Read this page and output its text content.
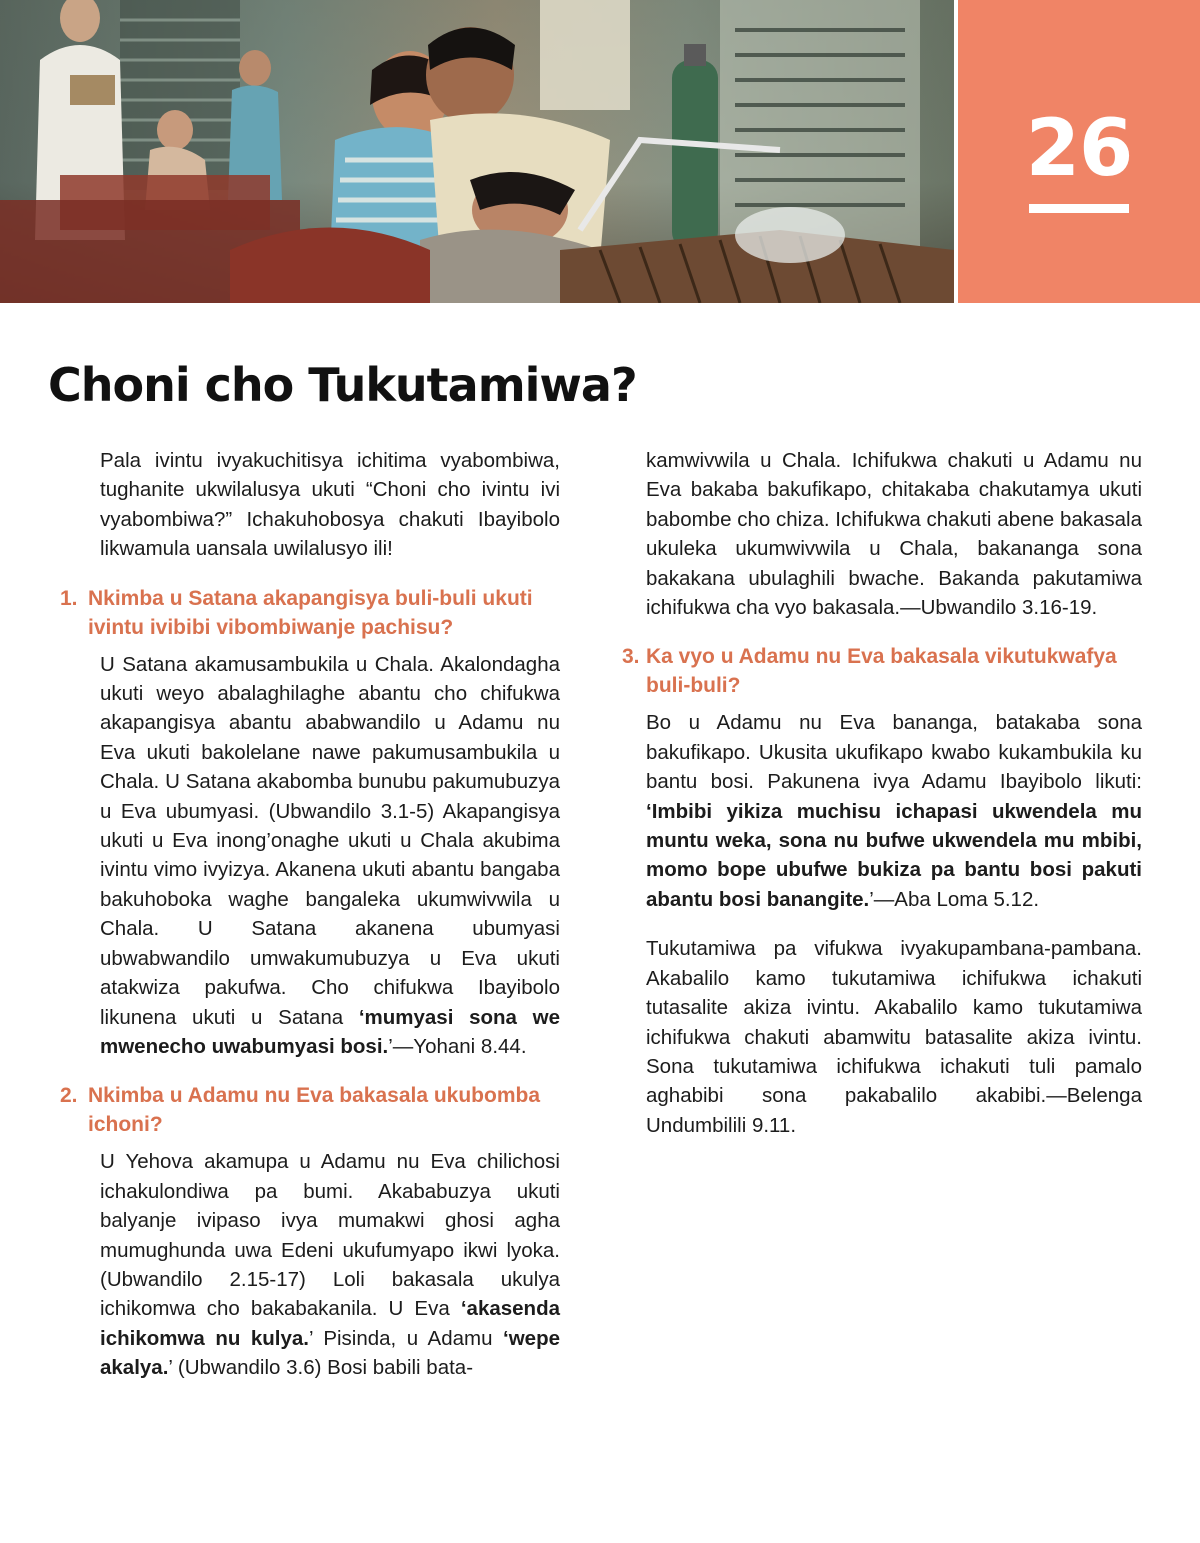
26
Choni cho Tukutamiwa?

Pala ivintu ivyakuchitisya ichitima vyabombiwa, tughanite ukwilalusya ukuti “Choni cho ivintu ivi vyabombiwa?” Ichakuhobosya chakuti Ibayibolo likwamula uansala uwilalusyo ili!

1. Nkimba u Satana akapangisya buli-buli ukuti ivintu ivibibi vibombiwanje pachisu?

U Satana akamusambukila u Chala. Akalondagha ukuti weyo abalaghilaghe abantu cho chifukwa akapangisya abantu ababwandilo u Adamu nu Eva ukuti bakolelane nawe pakumusambukila u Chala. U Satana akabomba bunubu pakumubuzya u Eva ubumyasi. (Ubwandilo 3.1-5) Akapangisya ukuti u Eva inong’onaghe ukuti u Chala akubima ivintu vimo ivyizya. Akanena ukuti abantu bangaba bakuhoboka waghe bangaleka ukumwivwila u Chala. U Satana akanena ubumyasi ubwabwandilo umwakumubuzya u Eva ukuti atakwiza pakufwa. Cho chifukwa Ibayibolo likunena ukuti u Satana ‘mumyasi sona we mwenecho uwabumyasi bosi.’—Yohani 8.44.

2. Nkimba u Adamu nu Eva bakasala ukubomba ichoni?

U Yehova akamupa u Adamu nu Eva chilichosi ichakulondiwa pa bumi. Akababuzya ukuti balyanje ivipaso ivya mumakwi ghosi agha mumughunda uwa Edeni ukufumyapo ikwi lyoka. (Ubwandilo 2.15-17) Loli bakasala ukulya ichikomwa cho bakabakanila. U Eva ‘akasenda ichikomwa nu kulya.’ Pisinda, u Adamu ‘wepe akalya.’ (Ubwandilo 3.6) Bosi babili bata-

kamwivwila u Chala. Ichifukwa chakuti u Adamu nu Eva bakaba bakufikapo, chitakaba chakutamya ukuti babombe cho chiza. Ichifukwa chakuti abene bakasala ukuleka ukumwivwila u Chala, bakananga sona bakakana ubulaghili bwache. Bakanda pakutamiwa ichifukwa cha vyo bakasala.—Ubwandilo 3.16-19.

3. Ka vyo u Adamu nu Eva bakasala vikutukwafya buli-buli?

Bo u Adamu nu Eva bananga, batakaba sona bakufikapo. Ukusita ukufikapo kwabo kukambukila ku bantu bosi. Pakunena ivya Adamu Ibayibolo likuti: ‘Imbibi yikiza muchisu ichapasi ukwendela mu muntu weka, sona nu bufwe ukwendela mu mbibi, momo bope ubufwe bukiza pa bantu bosi pakuti abantu bosi banangite.’—Aba Loma 5.12.

Tukutamiwa pa vifukwa ivyakupambana-pambana. Akabalilo kamo tukutamiwa ichifukwa ichakuti tutasalite akiza ivintu. Akabalilo kamo tukutamiwa ichifukwa chakuti abamwitu batasalite akiza ivintu. Sona tukutamiwa ichifukwa ichakuti tuli pamalo aghabibi sona pakabalilo akabibi.—Belenga Undumbilili 9.11.
